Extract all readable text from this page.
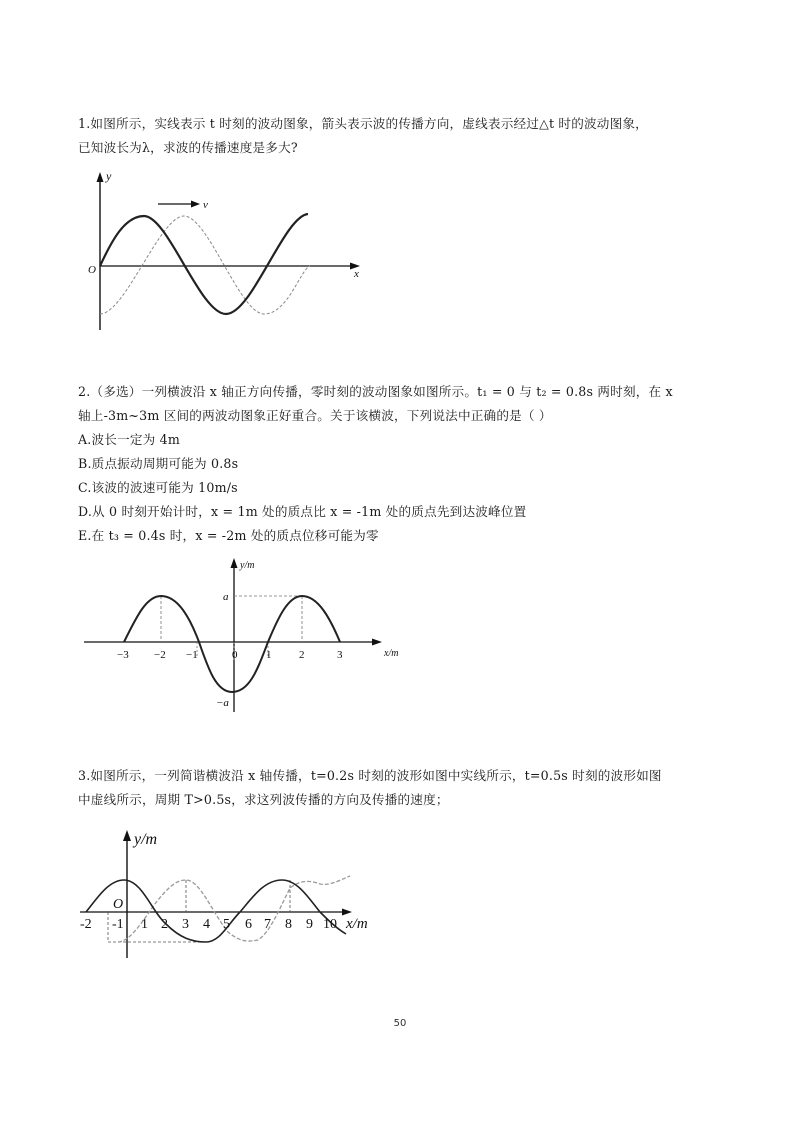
1.如图所示，实线表示 t 时刻的波动图象，箭头表示波的传播方向，虚线表示经过△t 时的波动图象，
已知波长为λ，求波的传播速度是多大?
y
x
O
v
2.（多选）一列横波沿 x 轴正方向传播，零时刻的波动图象如图所示。t₁ = 0 与 t₂ = 0.8s 两时刻，在 x
轴上-3m~3m 区间的两波动图象正好重合。关于该横波，下列说法中正确的是（ ）
A.波长一定为 4m
B.质点振动周期可能为 0.8s
C.该波的波速可能为 10m/s
D.从 0 时刻开始计时，x = 1m 处的质点比 x = -1m 处的质点先到达波峰位置
E.在 t₃ = 0.4s 时，x = -2m 处的质点位移可能为零
y/m
x/m
a
−a
−3 −2 −1	0	1	2	3
3.如图所示，一列简谐横波沿 x 轴传播，t=0.2s 时刻的波形如图中实线所示，t=0.5s 时刻的波形如图
中虚线所示，周期 T>0.5s，求这列波传播的方向及传播的速度；
y/m
x/m
O
-2 -1 1 2 3 4 5 6 7 8 9 10
50
